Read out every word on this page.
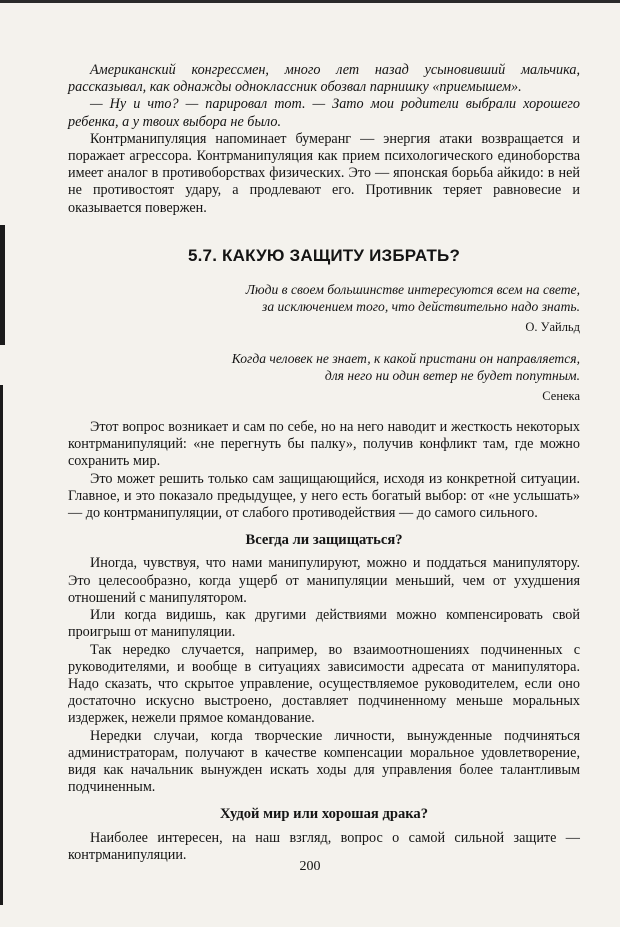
Американский конгрессмен, много лет назад усыновивший мальчика, рассказывал, как однажды одноклассник обозвал парнишку «приемышем».

— Ну и что? — парировал тот. — Зато мои родители выбрали хорошего ребенка, а у твоих выбора не было.

Контрманипуляция напоминает бумеранг — энергия атаки возвращается и поражает агрессора. Контрманипуляция как прием психологического единоборства имеет аналог в противоборствах физических. Это — японская борьба айкидо: в ней не противостоят удару, а продлевают его. Противник теряет равновесие и оказывается повержен.

5.7. КАКУЮ ЗАЩИТУ ИЗБРАТЬ?

Люди в своем большинстве интересуются всем на свете,

за исключением того, что действительно надо знать.

О. Уайльд

Когда человек не знает, к какой пристани он направляется,

для него ни один ветер не будет попутным.

Сенека

Этот вопрос возникает и сам по себе, но на него наводит и жесткость некоторых контрманипуляций: «не перегнуть бы палку», получив конфликт там, где можно сохранить мир.

Это может решить только сам защищающийся, исходя из конкретной ситуации. Главное, и это показало предыдущее, у него есть богатый выбор: от «не услышать» — до контрманипуляции, от слабого противодействия — до самого сильного.

Всегда ли защищаться?

Иногда, чувствуя, что нами манипулируют, можно и поддаться манипулятору. Это целесообразно, когда ущерб от манипуляции меньший, чем от ухудшения отношений с манипулятором.

Или когда видишь, как другими действиями можно компенсировать свой проигрыш от манипуляции.

Так нередко случается, например, во взаимоотношениях подчиненных с руководителями, и вообще в ситуациях зависимости адресата от манипулятора. Надо сказать, что скрытое управление, осуществляемое руководителем, если оно достаточно искусно выстроено, доставляет подчиненному меньше моральных издержек, нежели прямое командование.

Нередки случаи, когда творческие личности, вынужденные подчиняться администраторам, получают в качестве компенсации моральное удовлетворение, видя как начальник вынужден искать ходы для управления более талантливым подчиненным.

Худой мир или хорошая драка?

Наиболее интересен, на наш взгляд, вопрос о самой сильной защите — контрманипуляции.

200
